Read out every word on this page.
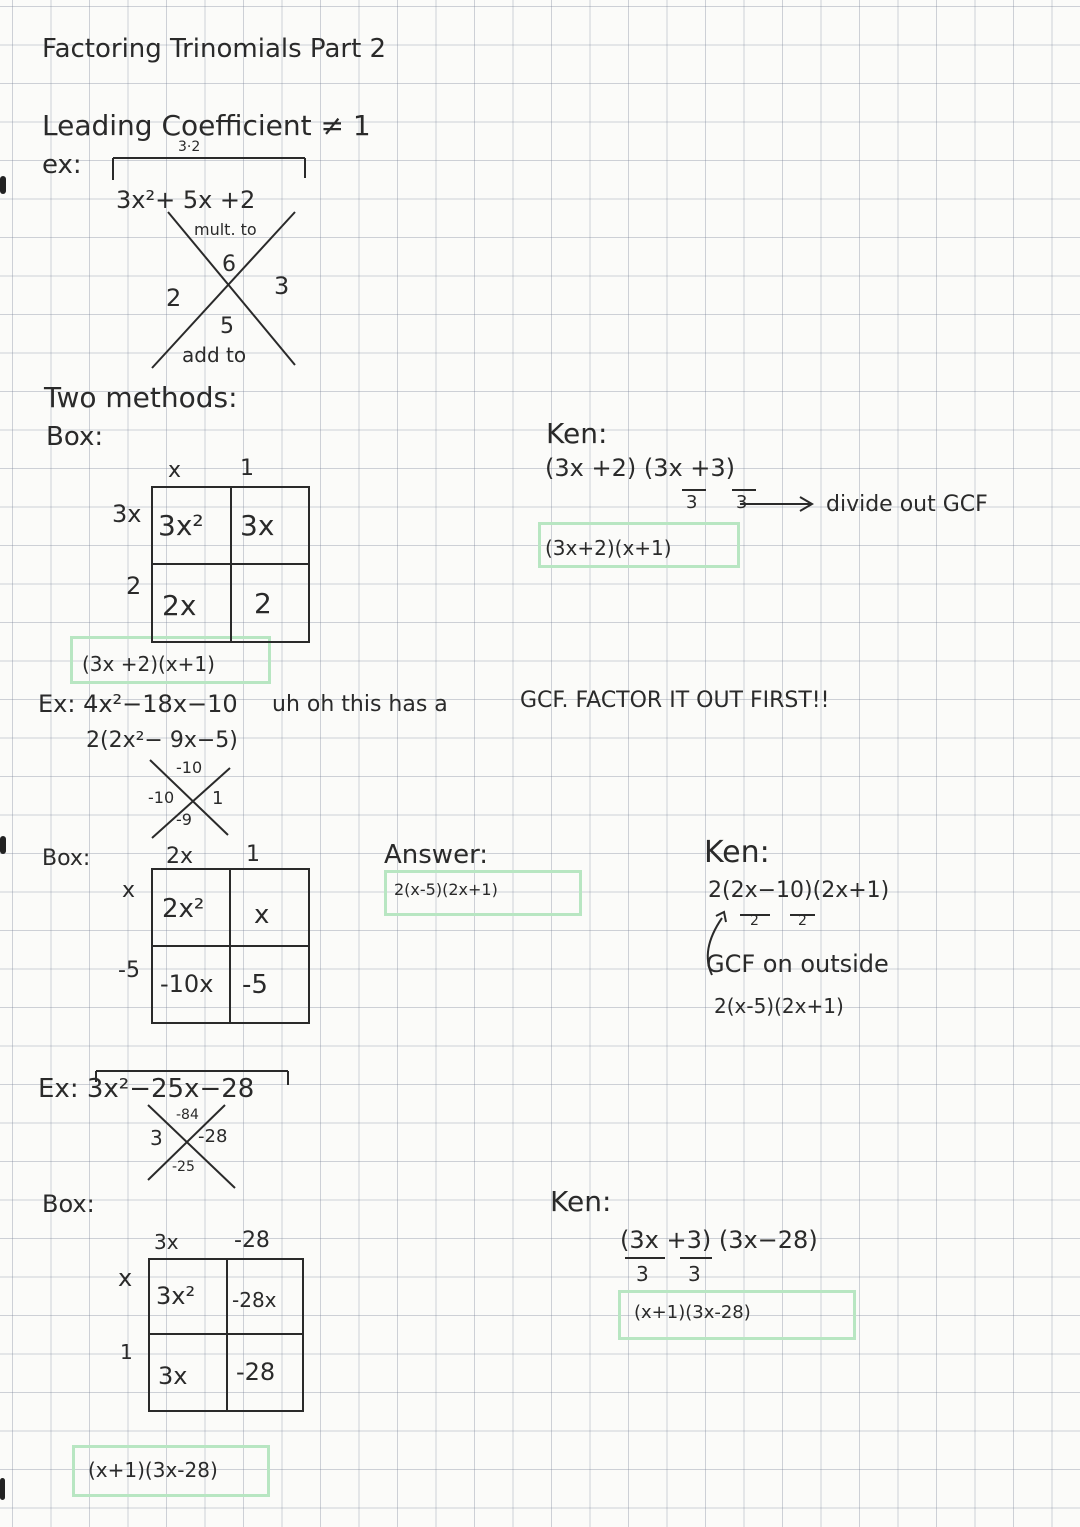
Factoring Trinomials Part 2
Leading Coefficient ≠ 1
ex:
3·2
3x²+ 5x +2
mult. to
6
2	3
5
add to
Two methods:
Box:
x	1
3x
2
3x² 3x
2x 2
(3x +2)(x+1)
Ken:
(3x +2) (3x +3)
3 3	divide out GCF
(3x+2)(x+1)
Ex: 4x²−18x−10 uh oh this has a	GCF. FACTOR IT OUT FIRST!!
2(2x²− 9x−5)
-10
-10 1
-9
Box:	2x 1
x
-5
2x² x
-10x -5
Answer:
2(x-5)(2x+1)
Ken:
2(2x−10)(2x+1)
2	2
GCF on outside
2(x-5)(2x+1)
Ex: 3x²−25x−28
-84
3 -28
-25
Box:
3x	-28
x
1
3x² -28x
3x -28
(x+1)(3x-28)
Ken:
(3x +3) (3x−28)
3 3
(x+1)(3x-28)
